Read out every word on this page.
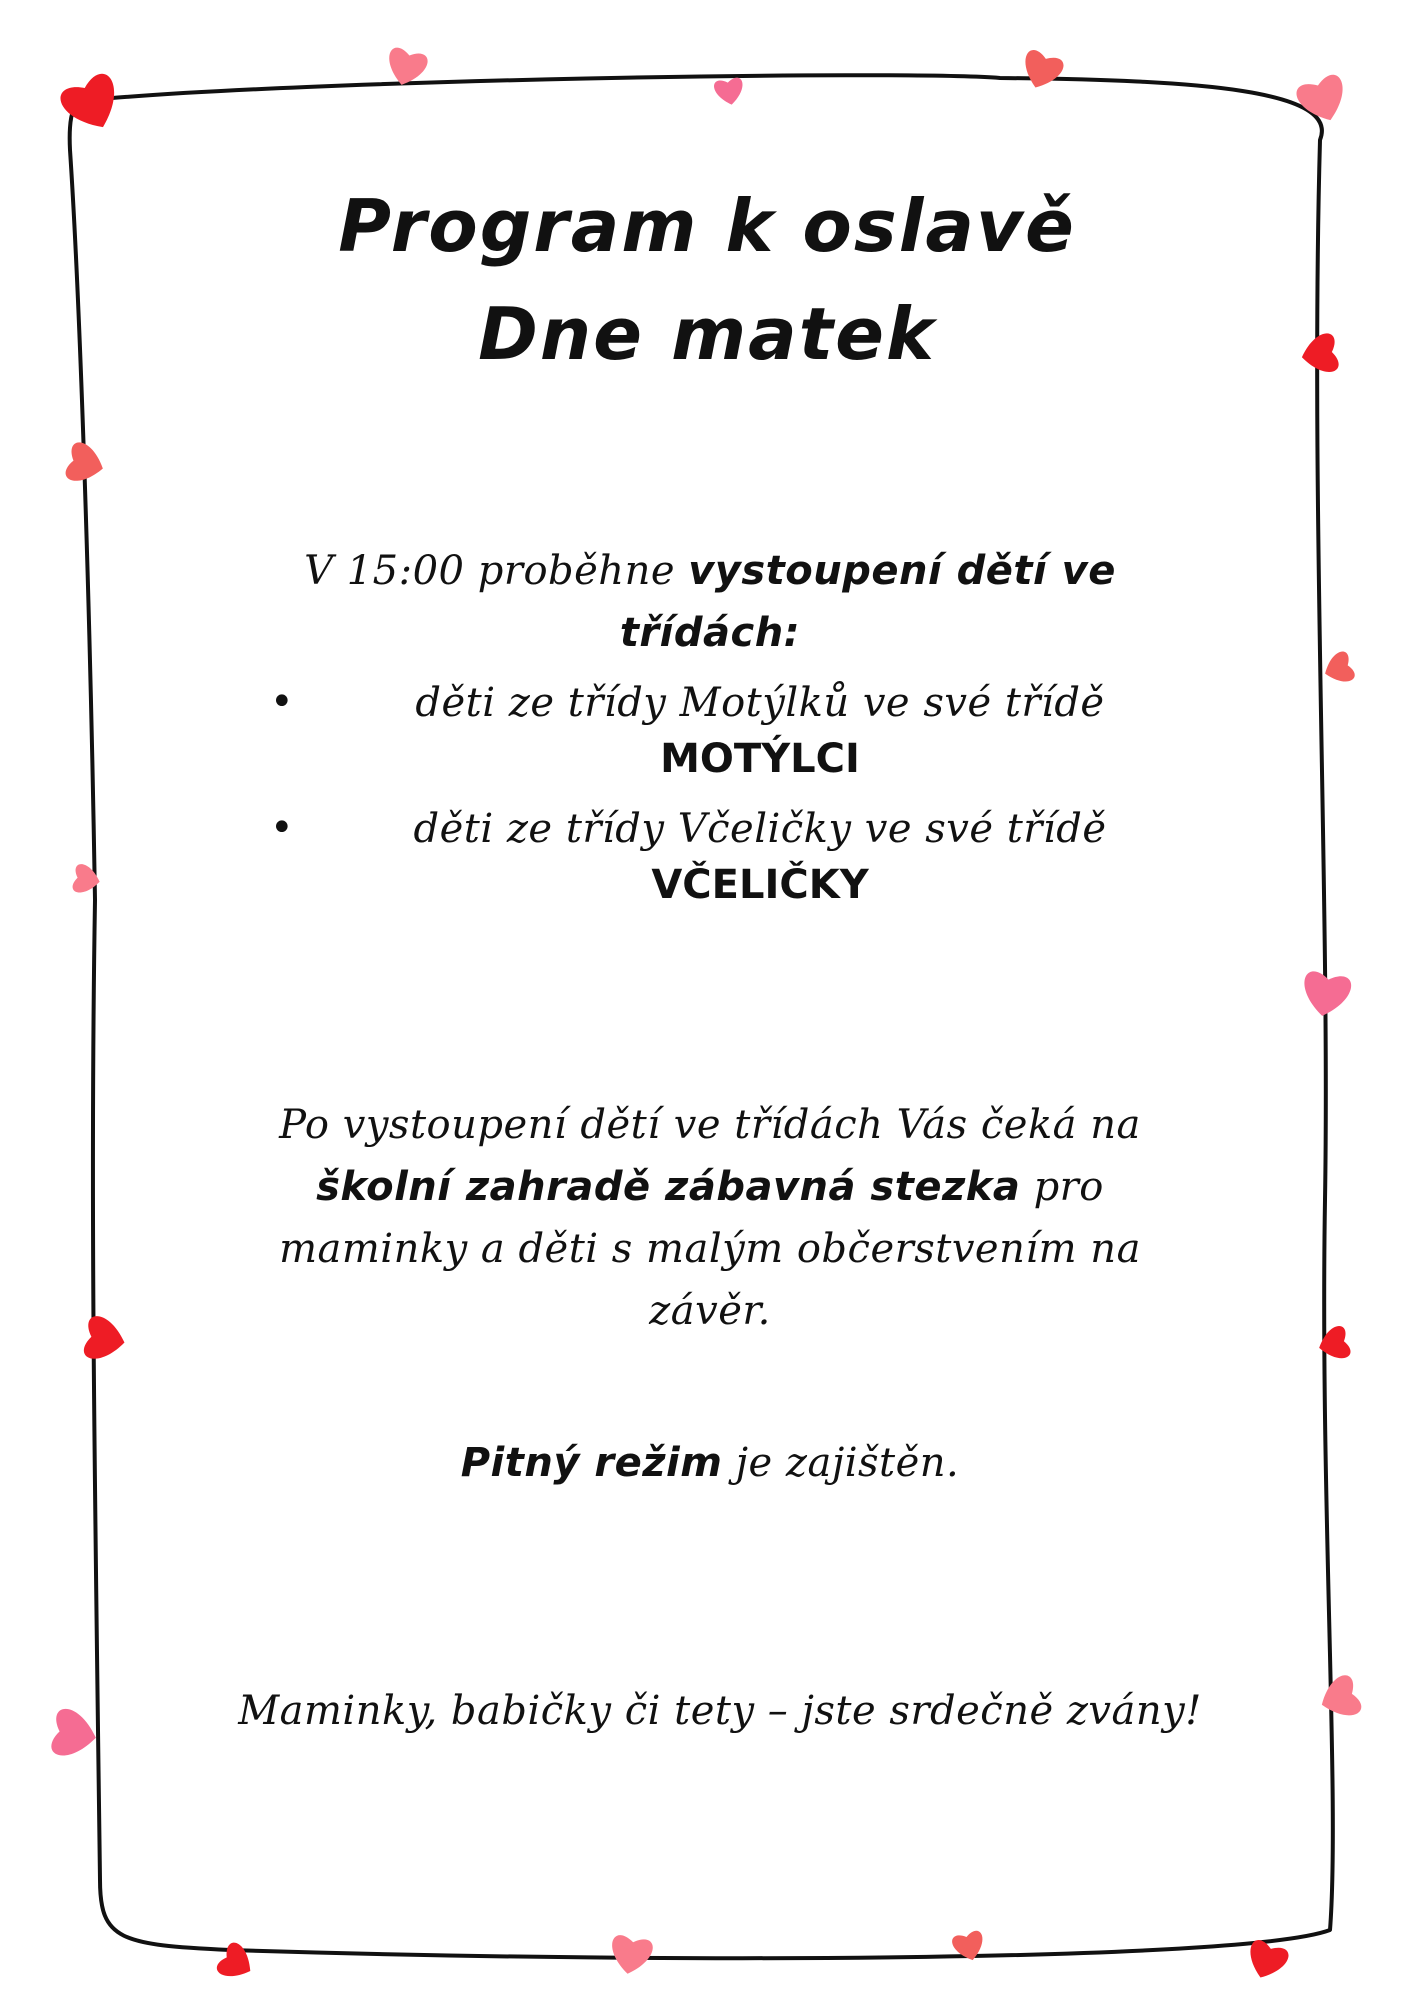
Program k oslavě
Dne matek
V 15:00 proběhne vystoupení dětí ve třídách:
•	děti ze třídy Motýlků ve své třídě
MOTÝLCI
•	děti ze třídy Včeličky ve své třídě
VČELIČKY
Po vystoupení dětí ve třídách Vás čeká na školní zahradě zábavná stezka pro maminky a děti s malým občerstvením na závěr.
Pitný režim je zajištěn.
Maminky, babičky či tety – jste srdečně zvány!
